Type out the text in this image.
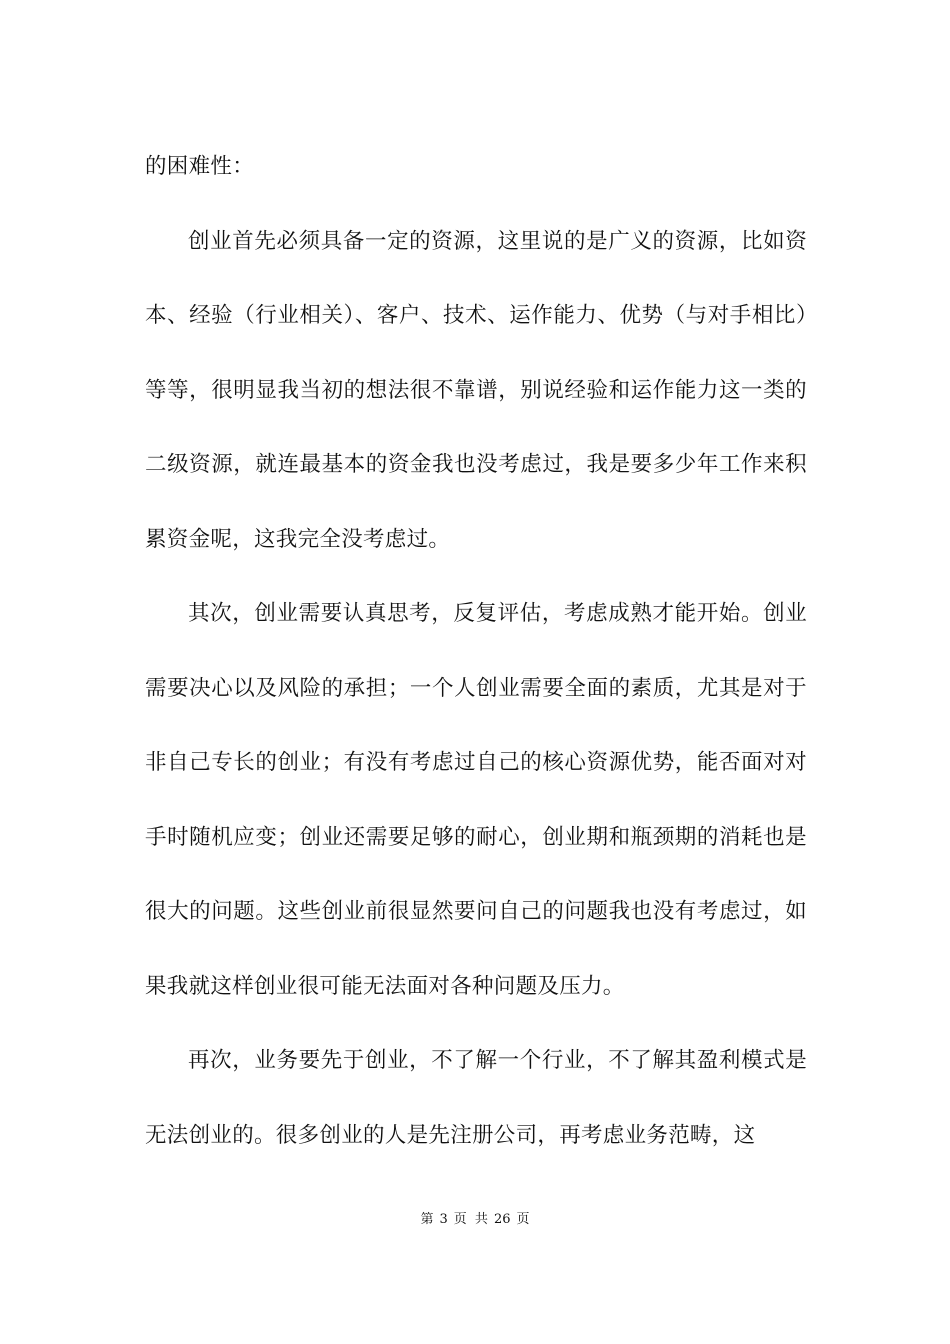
的困难性：

创业首先必须具备一定的资源，这里说的是广义的资源，比如资本、经验（行业相关）、客户、技术、运作能力、优势（与对手相比）等等，很明显我当初的想法很不靠谱，别说经验和运作能力这一类的二级资源，就连最基本的资金我也没考虑过，我是要多少年工作来积累资金呢，这我完全没考虑过。

其次，创业需要认真思考，反复评估，考虑成熟才能开始。创业需要决心以及风险的承担；一个人创业需要全面的素质，尤其是对于非自己专长的创业；有没有考虑过自己的核心资源优势，能否面对对手时随机应变；创业还需要足够的耐心，创业期和瓶颈期的消耗也是很大的问题。这些创业前很显然要问自己的问题我也没有考虑过，如果我就这样创业很可能无法面对各种问题及压力。

再次，业务要先于创业，不了解一个行业，不了解其盈利模式是无法创业的。很多创业的人是先注册公司，再考虑业务范畴，这

第 3 页 共 26 页
